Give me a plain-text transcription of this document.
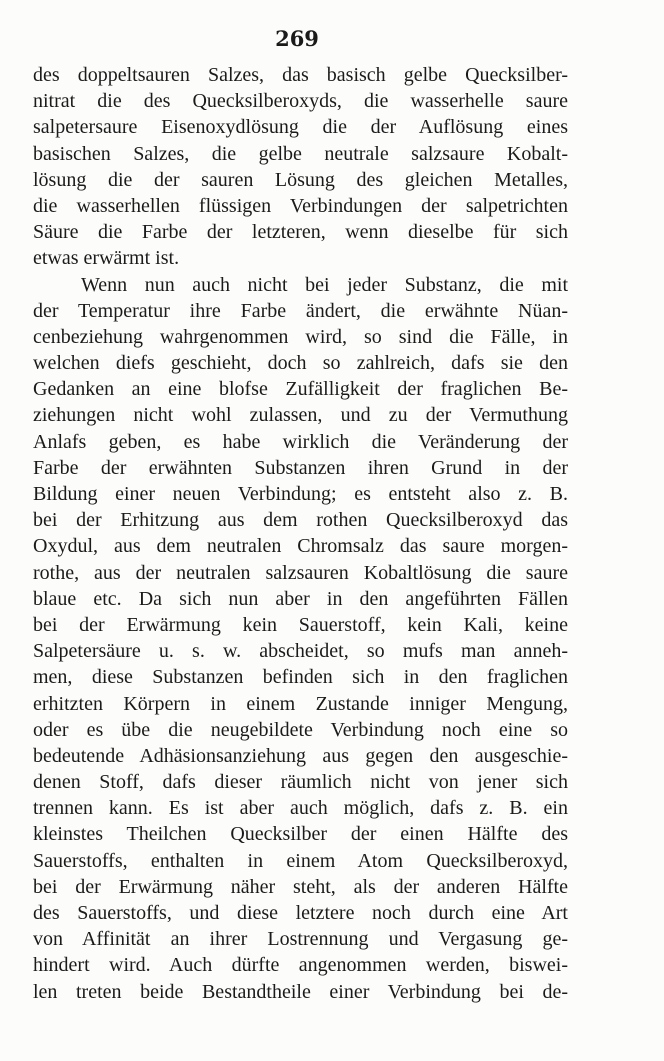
269
des doppeltsauren Salzes, das basisch gelbe Quecksilber-
nitrat die des Quecksilberoxyds, die wasserhelle saure
salpetersaure Eisenoxydlösung die der Auflösung eines
basischen Salzes, die gelbe neutrale salzsaure Kobalt-
lösung die der sauren Lösung des gleichen Metalles,
die wasserhellen flüssigen Verbindungen der salpetrichten
Säure die Farbe der letzteren, wenn dieselbe für sich
etwas erwärmt ist.
Wenn nun auch nicht bei jeder Substanz, die mit
der Temperatur ihre Farbe ändert, die erwähnte Nüan-
cenbeziehung wahrgenommen wird, so sind die Fälle, in
welchen diefs geschieht, doch so zahlreich, dafs sie den
Gedanken an eine blofse Zufälligkeit der fraglichen Be-
ziehungen nicht wohl zulassen, und zu der Vermuthung
Anlafs geben, es habe wirklich die Veränderung der
Farbe der erwähnten Substanzen ihren Grund in der
Bildung einer neuen Verbindung; es entsteht also z. B.
bei der Erhitzung aus dem rothen Quecksilberoxyd das
Oxydul, aus dem neutralen Chromsalz das saure morgen-
rothe, aus der neutralen salzsauren Kobaltlösung die saure
blaue etc. Da sich nun aber in den angeführten Fällen
bei der Erwärmung kein Sauerstoff, kein Kali, keine
Salpetersäure u. s. w. abscheidet, so mufs man anneh-
men, diese Substanzen befinden sich in den fraglichen
erhitzten Körpern in einem Zustande inniger Mengung,
oder es übe die neugebildete Verbindung noch eine so
bedeutende Adhäsionsanziehung aus gegen den ausgeschie-
denen Stoff, dafs dieser räumlich nicht von jener sich
trennen kann. Es ist aber auch möglich, dafs z. B. ein
kleinstes Theilchen Quecksilber der einen Hälfte des
Sauerstoffs, enthalten in einem Atom Quecksilberoxyd,
bei der Erwärmung näher steht, als der anderen Hälfte
des Sauerstoffs, und diese letztere noch durch eine Art
von Affinität an ihrer Lostrennung und Vergasung ge-
hindert wird. Auch dürfte angenommen werden, biswei-
len treten beide Bestandtheile einer Verbindung bei de-
